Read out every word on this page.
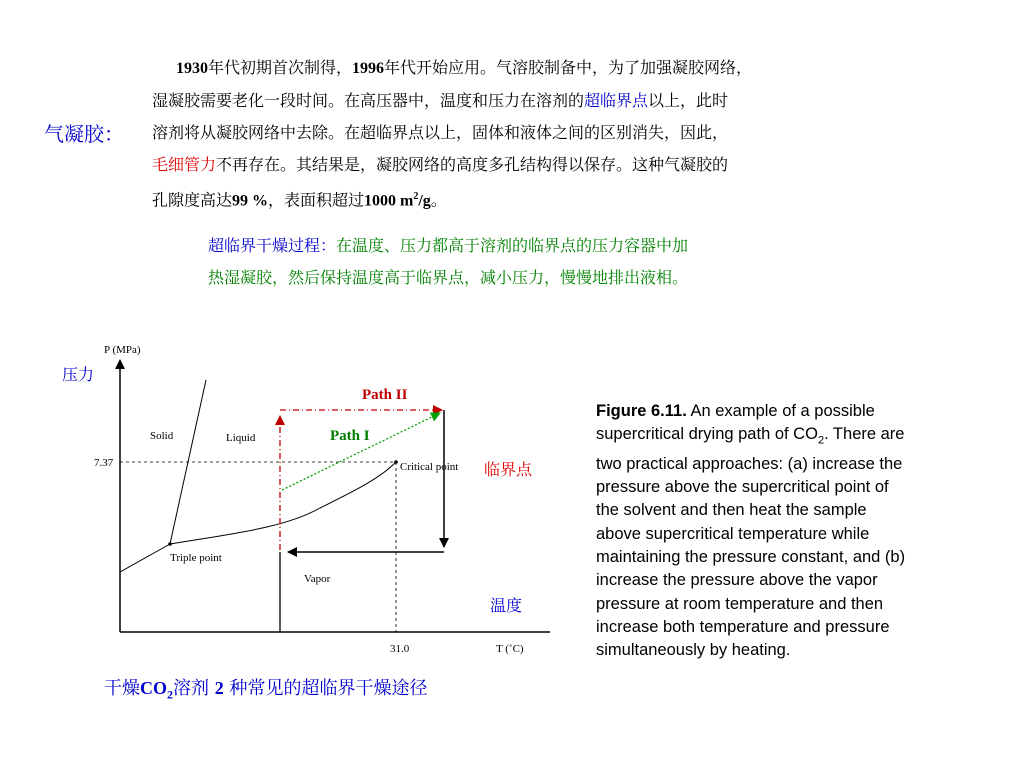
气凝胶：
1930年代初期首次制得，1996年代开始应用。气溶胶制备中，为了加强凝胶网络，
湿凝胶需要老化一段时间。在高压器中，温度和压力在溶剂的超临界点以上，此时
溶剂将从凝胶网络中去除。在超临界点以上，固体和液体之间的区别消失，因此，
毛细管力不再存在。其结果是，凝胶网络的高度多孔结构得以保存。这种气凝胶的
孔隙度高达99 %，表面积超过1000 $m^2/g$。
超临界干燥过程：在温度、压力都高于溶剂的临界点的压力容器中加
热湿凝胶，然后保持温度高于临界点，减小压力，慢慢地排出液相。
P (MPa)
压力
T (˚C)
温度
7.37
31.0
Solid	Liquid
Vapor
Triple point
Critical point 临界点
Path II
Path I
Figure 6.11. An example of a possible
supercritical drying path of $CO_2$. There are
two practical approaches: (a) increase the
pressure above the supercritical point of
the solvent and then heat the sample
above supercritical temperature while
maintaining the pressure constant, and (b)
increase the pressure above the vapor
pressure at room temperature and then
increase both temperature and pressure
simultaneously by heating.
干燥$CO_2$溶剂 2 种常见的超临界干燥途径
